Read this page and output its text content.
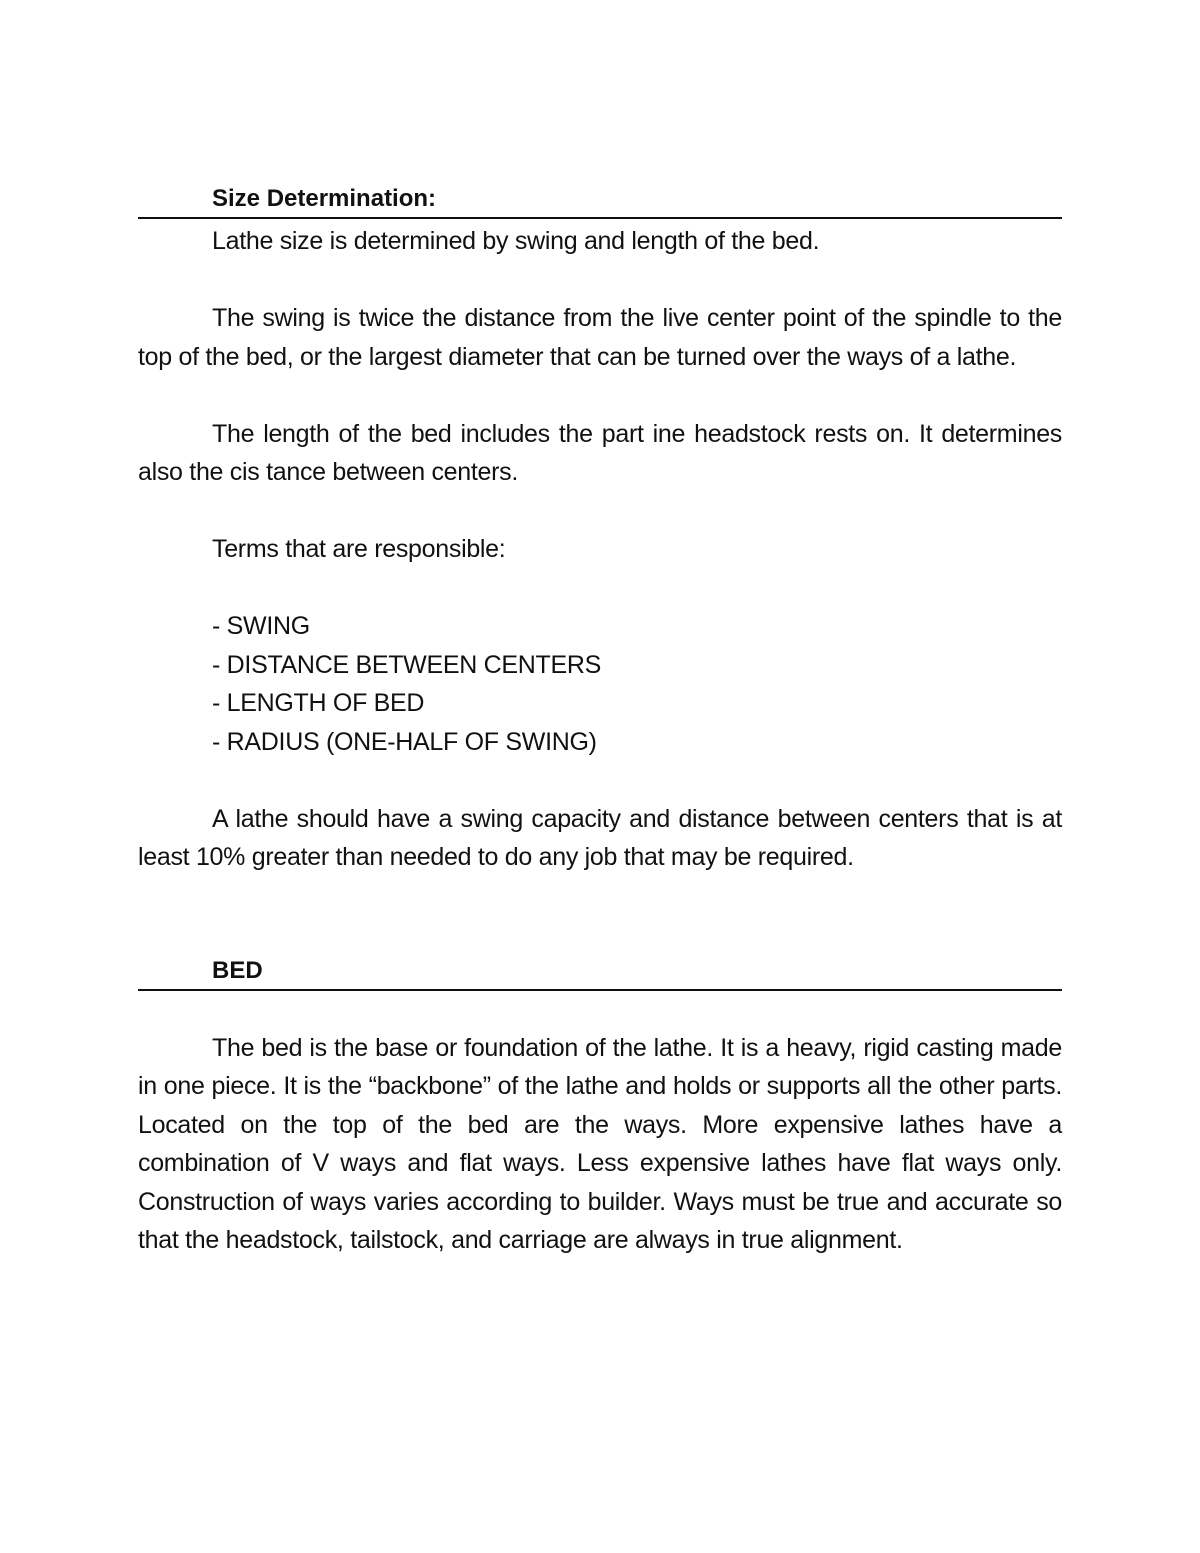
Size Determination:

Lathe size is determined by swing and length of the bed.

The swing is twice the distance from the live center point of the spindle to the top of the bed, or the largest diameter that can be turned over the ways of a lathe.

The length of the bed includes the part ine headstock rests on. It determines also the cis tance between centers.

Terms that are responsible:

- SWING
- DISTANCE BETWEEN CENTERS
- LENGTH OF BED
- RADIUS (ONE-HALF OF SWING)

A lathe should have a swing capacity and distance between centers that is at least 10% greater than needed to do any job that may be required.

BED

The bed is the base or foundation of the lathe. It is a heavy, rigid casting made in one piece. It is the “backbone” of the lathe and holds or supports all the other parts. Located on the top of the bed are the ways. More expensive lathes have a combination of V ways and flat ways. Less expensive lathes have flat ways only. Construction of ways varies according to builder. Ways must be true and accurate so that the headstock, tailstock, and carriage are always in true alignment.
